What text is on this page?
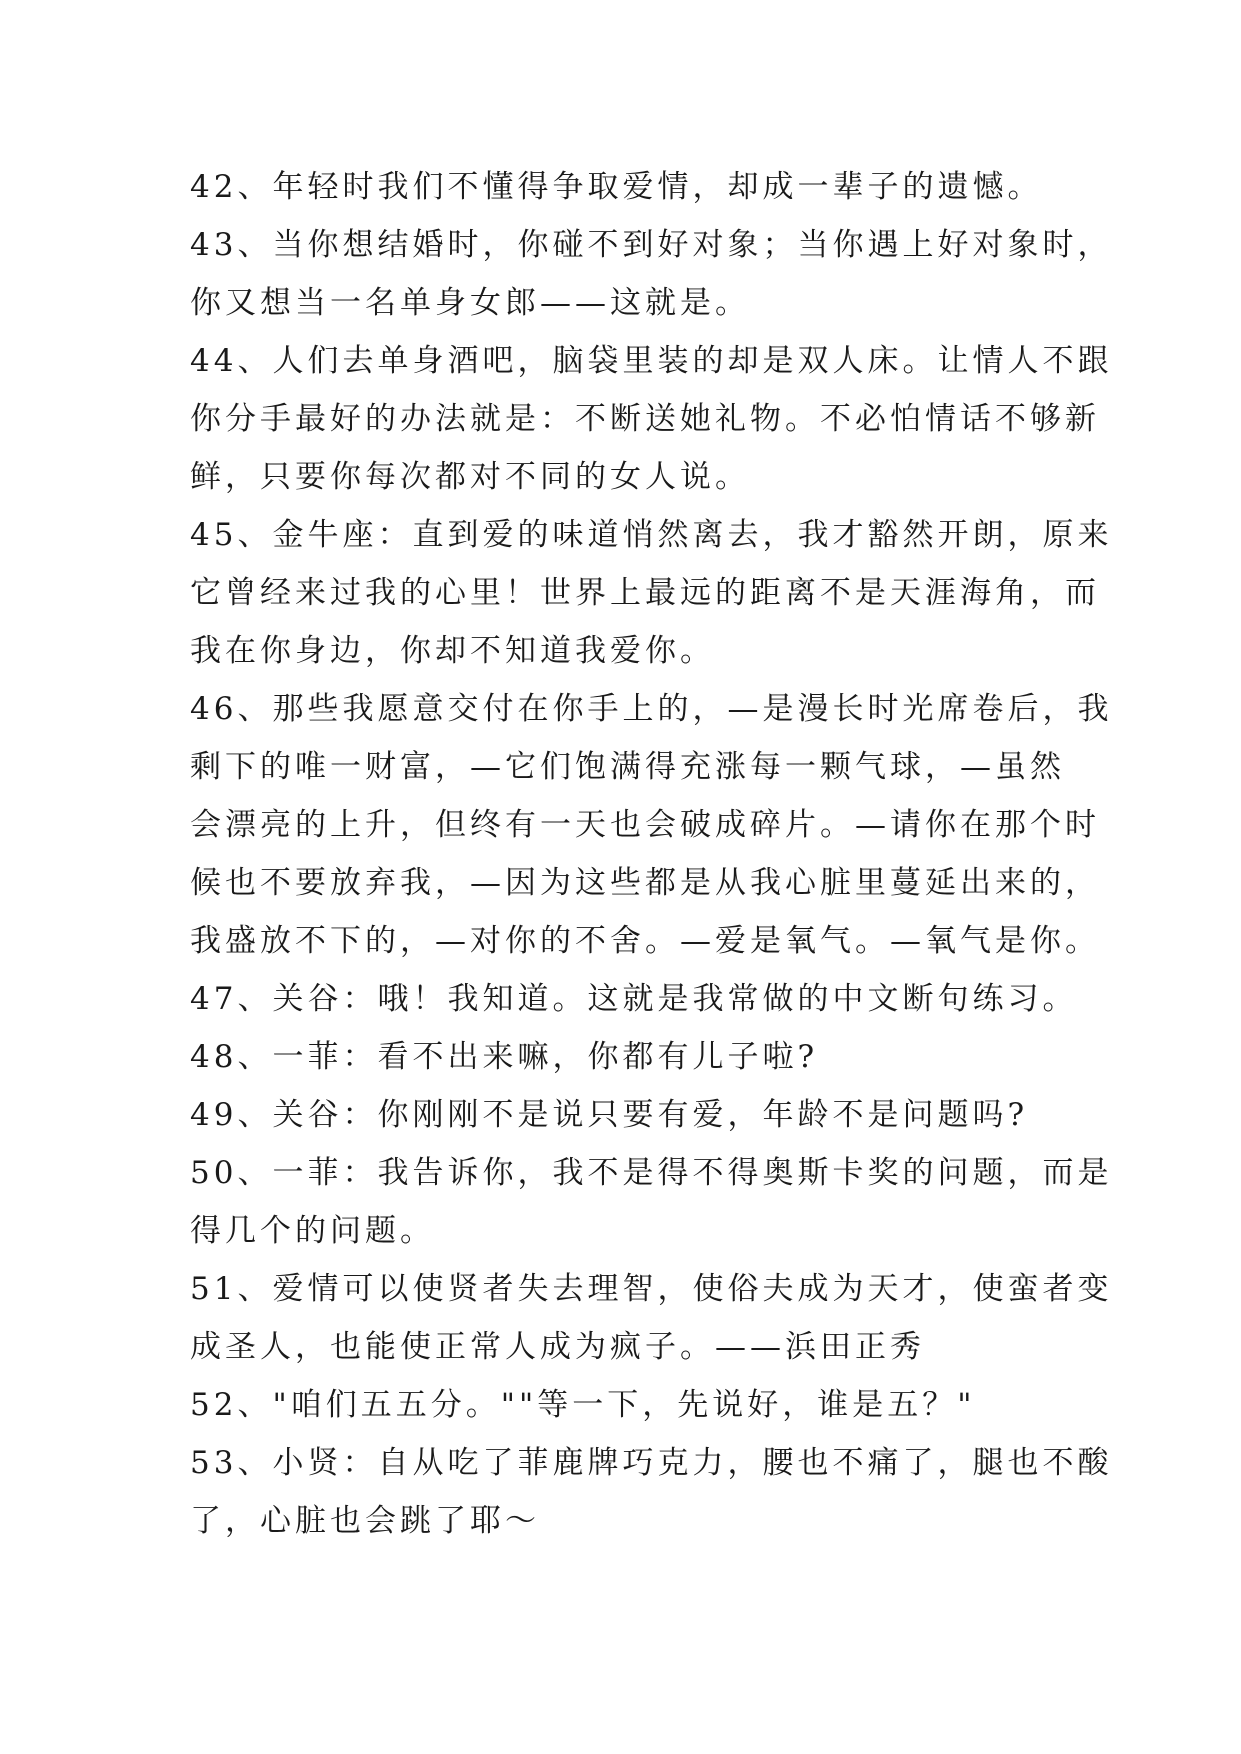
42、年轻时我们不懂得争取爱情，却成一辈子的遗憾。
43、当你想结婚时，你碰不到好对象；当你遇上好对象时，
你又想当一名单身女郎——这就是。
44、人们去单身酒吧，脑袋里装的却是双人床。让情人不跟
你分手最好的办法就是：不断送她礼物。不必怕情话不够新
鲜，只要你每次都对不同的女人说。
45、金牛座：直到爱的味道悄然离去，我才豁然开朗，原来
它曾经来过我的心里！世界上最远的距离不是天涯海角，而
我在你身边，你却不知道我爱你。
46、那些我愿意交付在你手上的，—是漫长时光席卷后，我
剩下的唯一财富，—它们饱满得充涨每一颗气球，—虽然
会漂亮的上升，但终有一天也会破成碎片。—请你在那个时
候也不要放弃我，—因为这些都是从我心脏里蔓延出来的，
我盛放不下的，—对你的不舍。—爱是氧气。—氧气是你。
47、关谷：哦！我知道。这就是我常做的中文断句练习。
48、一菲：看不出来嘛，你都有儿子啦?
49、关谷：你刚刚不是说只要有爱，年龄不是问题吗?
50、一菲：我告诉你，我不是得不得奥斯卡奖的问题，而是
得几个的问题。
51、爱情可以使贤者失去理智，使俗夫成为天才，使蛮者变
成圣人，也能使正常人成为疯子。——浜田正秀
52、"咱们五五分。""等一下，先说好，谁是五？"
53、小贤：自从吃了菲鹿牌巧克力，腰也不痛了，腿也不酸
了，心脏也会跳了耶～
